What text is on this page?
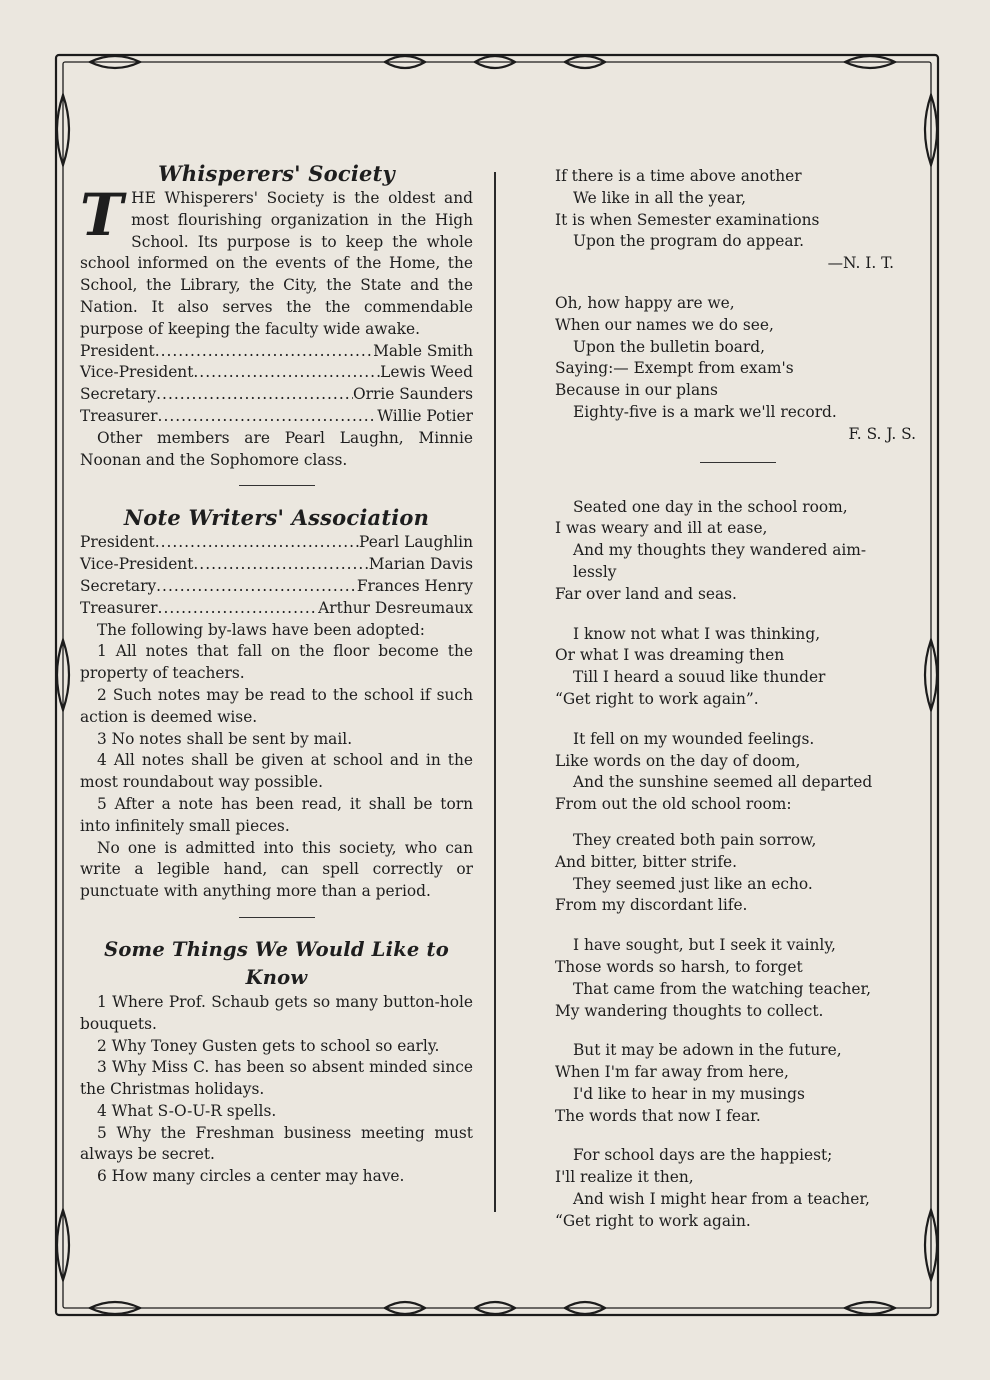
Whisperers' Society
THE Whisperers' Society is the oldest and most flourishing organization in the High School. Its purpose is to keep the whole school informed on the events of the Home, the School, the Library, the City, the State and the Nation. It also serves the the commendable purpose of keeping the faculty wide awake.
President .....	Mable Smith
Vice-President .....	Lewis Weed
Secretary .....	Orrie Saunders
Treasurer .....	Willie Potier
Other members are Pearl Laughn, Minnie Noonan and the Sophomore class.
Note Writers' Association
President .....	Pearl Laughlin
Vice-President .....	Marian Davis
Secretary .....	Frances Henry
Treasurer .....	Arthur Desreumaux
The following by-laws have been adopted:
1 All notes that fall on the floor become the property of teachers.
2 Such notes may be read to the school if such action is deemed wise.
3 No notes shall be sent by mail.
4 All notes shall be given at school and in the most roundabout way possible.
5 After a note has been read, it shall be torn into infinitely small pieces.
No one is admitted into this society, who can write a legible hand, can spell correctly or punctuate with anything more than a period.
Some Things We Would Like to Know
1 Where Prof. Schaub gets so many button-hole bouquets.
2 Why Toney Gusten gets to school so early.
3 Why Miss C. has been so absent minded since the Christmas holidays.
4 What S-O-U-R spells.
5 Why the Freshman business meeting must always be secret.
6 How many circles a center may have.
If there is a time above another
We like in all the year,
It is when Semester examinations
Upon the program do appear.
—N. I. T.
Oh, how happy are we,
When our names we do see,
Upon the bulletin board,
Saying:— Exempt from exam's
Because in our plans
Eighty-five is a mark we'll record.
F. S. J. S.
Seated one day in the school room,
I was weary and ill at ease,
And my thoughts they wandered aim-
lessly
Far over land and seas.
I know not what I was thinking,
Or what I was dreaming then
Till I heard a souud like thunder
“Get right to work again”.
It fell on my wounded feelings.
Like words on the day of doom,
And the sunshine seemed all departed
From out the old school room:
They created both pain sorrow,
And bitter, bitter strife.
They seemed just like an echo.
From my discordant life.
I have sought, but I seek it vainly,
Those words so harsh, to forget
That came from the watching teacher,
My wandering thoughts to collect.
But it may be adown in the future,
When I'm far away from here,
I'd like to hear in my musings
The words that now I fear.
For school days are the happiest;
I'll realize it then,
And wish I might hear from a teacher,
“Get right to work again.
